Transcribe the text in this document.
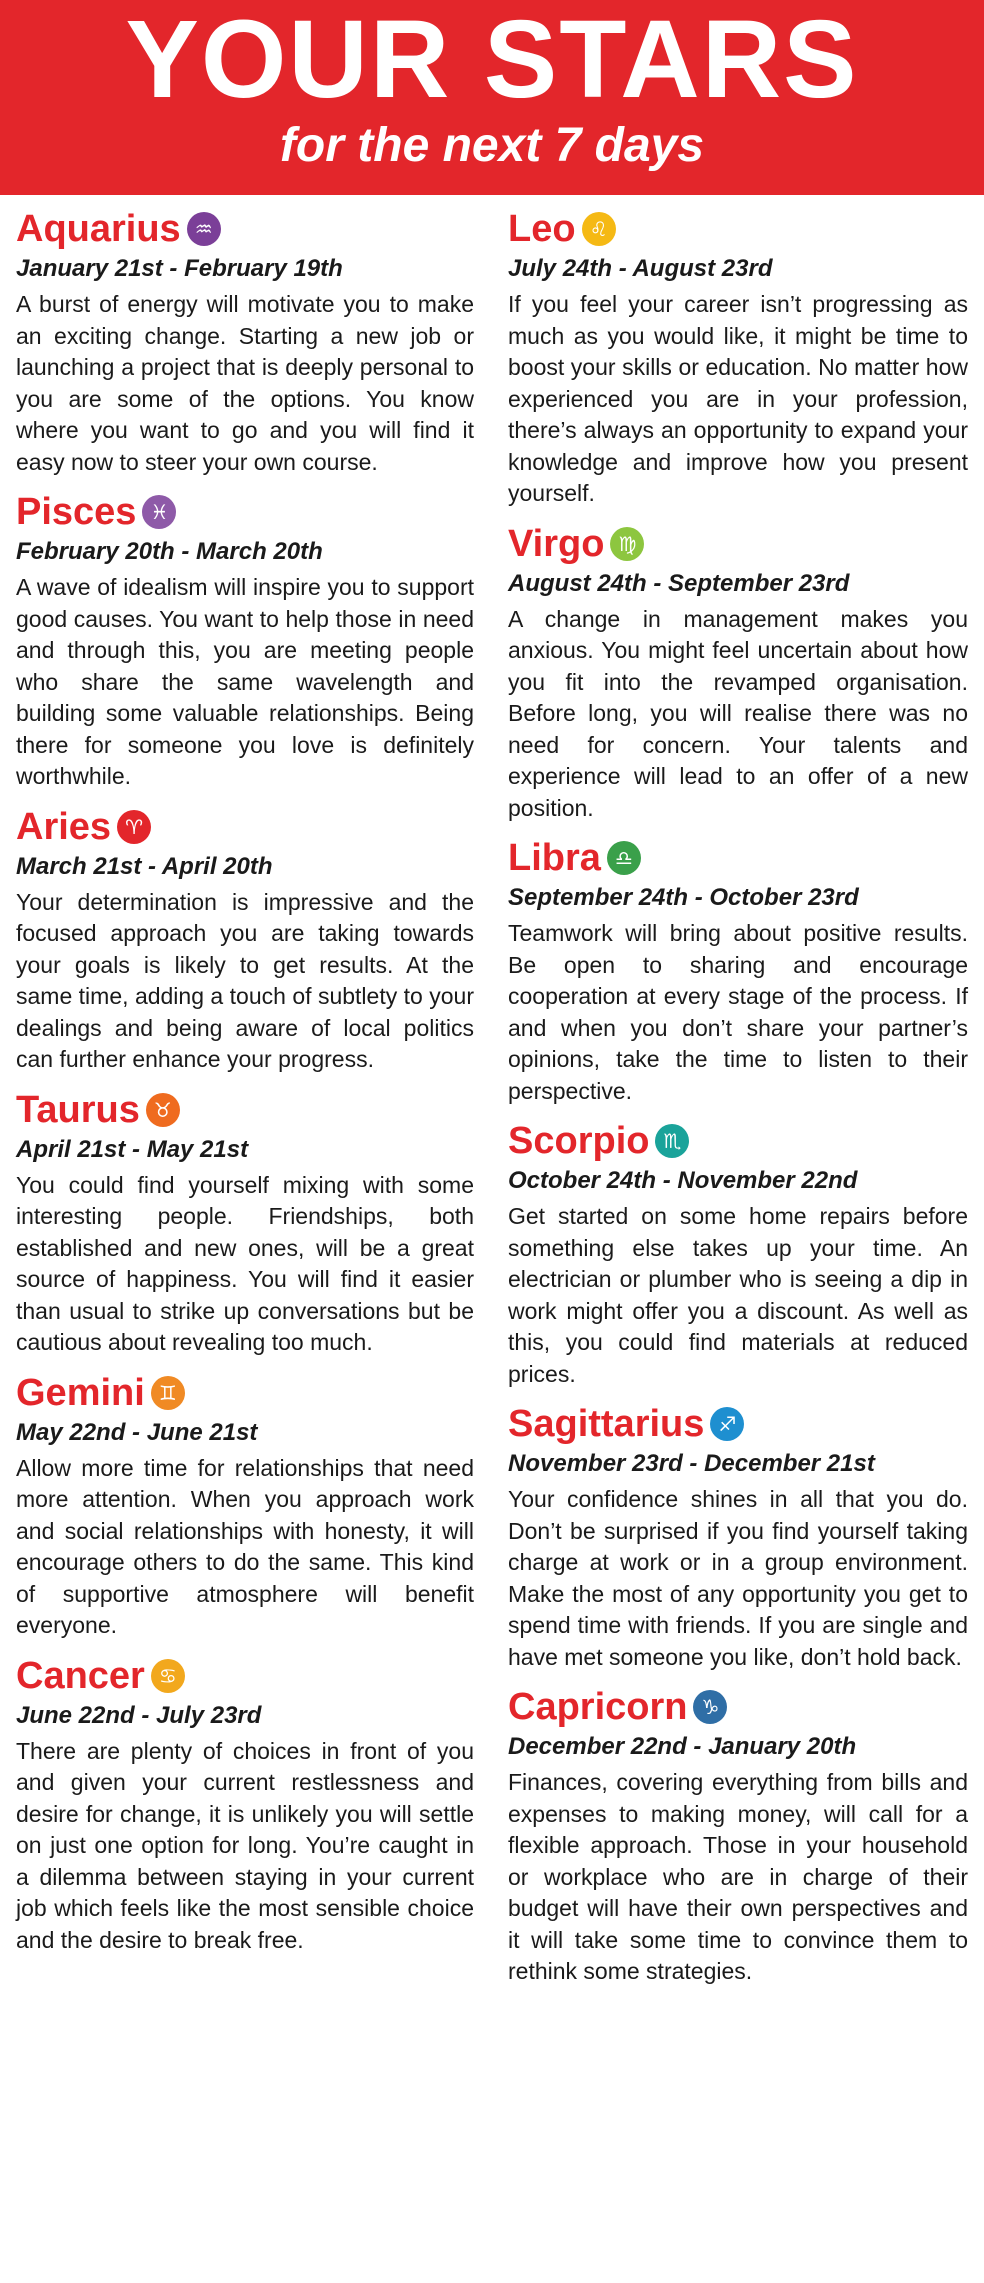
YOUR STARS
for the next 7 days
Aquarius ♒
January 21st - February 19th
A burst of energy will motivate you to make an exciting change. Starting a new job or launching a project that is deeply personal to you are some of the options. You know where you want to go and you will find it easy now to steer your own course.
Pisces ♓
February 20th - March 20th
A wave of idealism will inspire you to support good causes. You want to help those in need and through this, you are meeting people who share the same wavelength and building some valuable relationships. Being there for someone you love is definitely worthwhile.
Aries ♈
March 21st - April 20th
Your determination is impressive and the focused approach you are taking towards your goals is likely to get results. At the same time, adding a touch of subtlety to your dealings and being aware of local politics can further enhance your progress.
Taurus ♉
April 21st - May 21st
You could find yourself mixing with some interesting people. Friendships, both established and new ones, will be a great source of happiness. You will find it easier than usual to strike up conversations but be cautious about revealing too much.
Gemini ♊
May 22nd - June 21st
Allow more time for relationships that need more attention. When you approach work and social relationships with honesty, it will encourage others to do the same. This kind of supportive atmosphere will benefit everyone.
Cancer ♋
June 22nd - July 23rd
There are plenty of choices in front of you and given your current restlessness and desire for change, it is unlikely you will settle on just one option for long. You’re caught in a dilemma between staying in your current job which feels like the most sensible choice and the desire to break free.
Leo ♌
July 24th - August 23rd
If you feel your career isn’t progressing as much as you would like, it might be time to boost your skills or education. No matter how experienced you are in your profession, there’s always an opportunity to expand your knowledge and improve how you present yourself.
Virgo ♍
August 24th - September 23rd
A change in management makes you anxious. You might feel uncertain about how you fit into the revamped organisation. Before long, you will realise there was no need for concern. Your talents and experience will lead to an offer of a new position.
Libra ♎
September 24th - October 23rd
Teamwork will bring about positive results. Be open to sharing and encourage cooperation at every stage of the process. If and when you don’t share your partner’s opinions, take the time to listen to their perspective.
Scorpio ♏
October 24th - November 22nd
Get started on some home repairs before something else takes up your time. An electrician or plumber who is seeing a dip in work might offer you a discount. As well as this, you could find materials at reduced prices.
Sagittarius ♐
November 23rd - December 21st
Your confidence shines in all that you do. Don’t be surprised if you find yourself taking charge at work or in a group environment. Make the most of any opportunity you get to spend time with friends. If you are single and have met someone you like, don’t hold back.
Capricorn ♑
December 22nd - January 20th
Finances, covering everything from bills and expenses to making money, will call for a flexible approach. Those in your household or workplace who are in charge of their budget will have their own perspectives and it will take some time to convince them to rethink some strategies.
